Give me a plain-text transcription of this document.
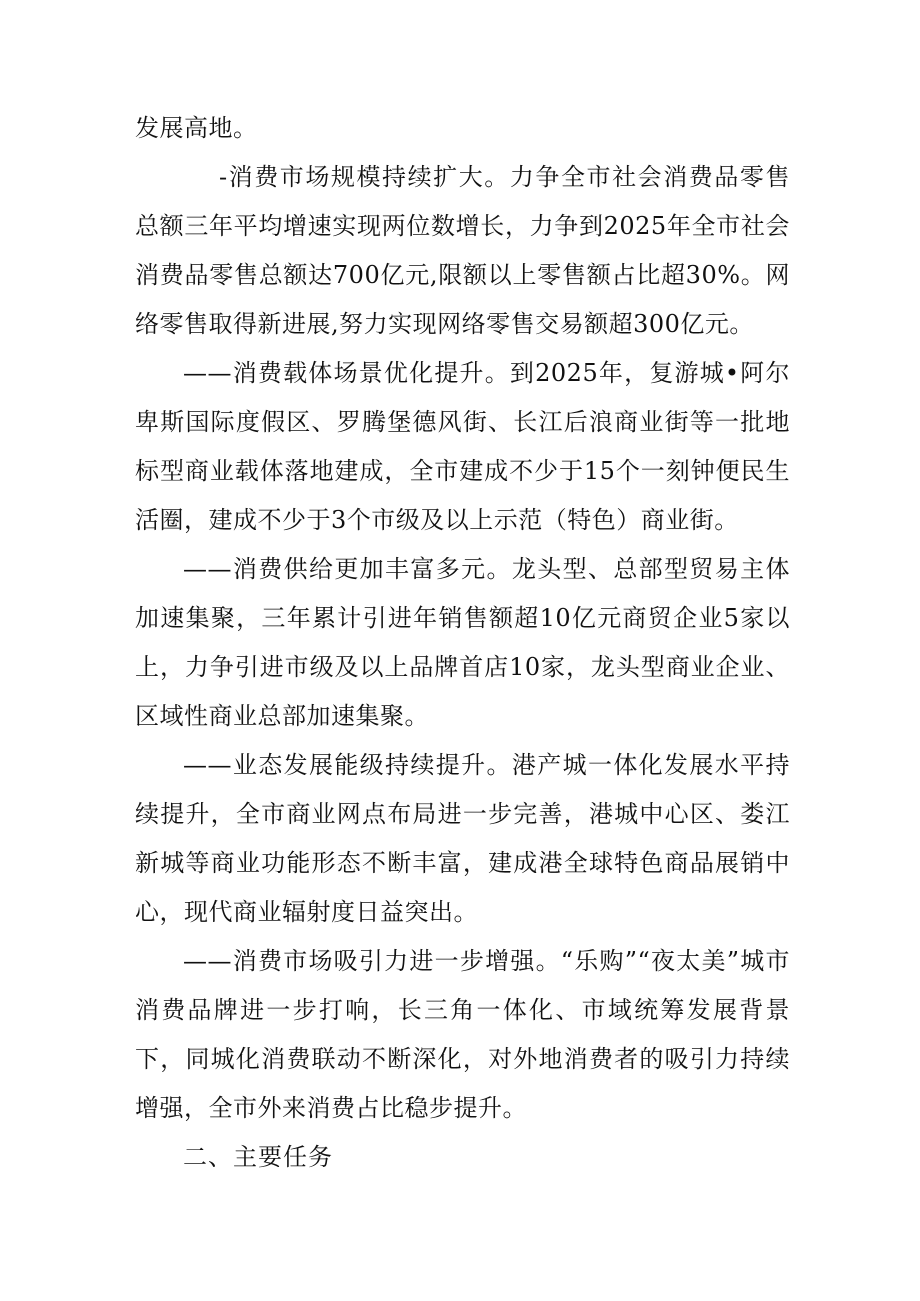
发展高地。

-消费市场规模持续扩大。力争全市社会消费品零售总额三年平均增速实现两位数增长，力争到2025年全市社会消费品零售总额达700亿元,限额以上零售额占比超30%。网络零售取得新进展,努力实现网络零售交易额超300亿元。

——消费载体场景优化提升。到2025年，复游城•阿尔卑斯国际度假区、罗腾堡德风街、长江后浪商业街等一批地标型商业载体落地建成，全市建成不少于15个一刻钟便民生活圈，建成不少于3个市级及以上示范（特色）商业街。

——消费供给更加丰富多元。龙头型、总部型贸易主体加速集聚，三年累计引进年销售额超10亿元商贸企业5家以上，力争引进市级及以上品牌首店10家，龙头型商业企业、区域性商业总部加速集聚。

——业态发展能级持续提升。港产城一体化发展水平持续提升，全市商业网点布局进一步完善，港城中心区、娄江新城等商业功能形态不断丰富，建成港全球特色商品展销中心，现代商业辐射度日益突出。

——消费市场吸引力进一步增强。“乐购”“夜太美”城市消费品牌进一步打响，长三角一体化、市域统筹发展背景下，同城化消费联动不断深化，对外地消费者的吸引力持续增强，全市外来消费占比稳步提升。

二、主要任务
